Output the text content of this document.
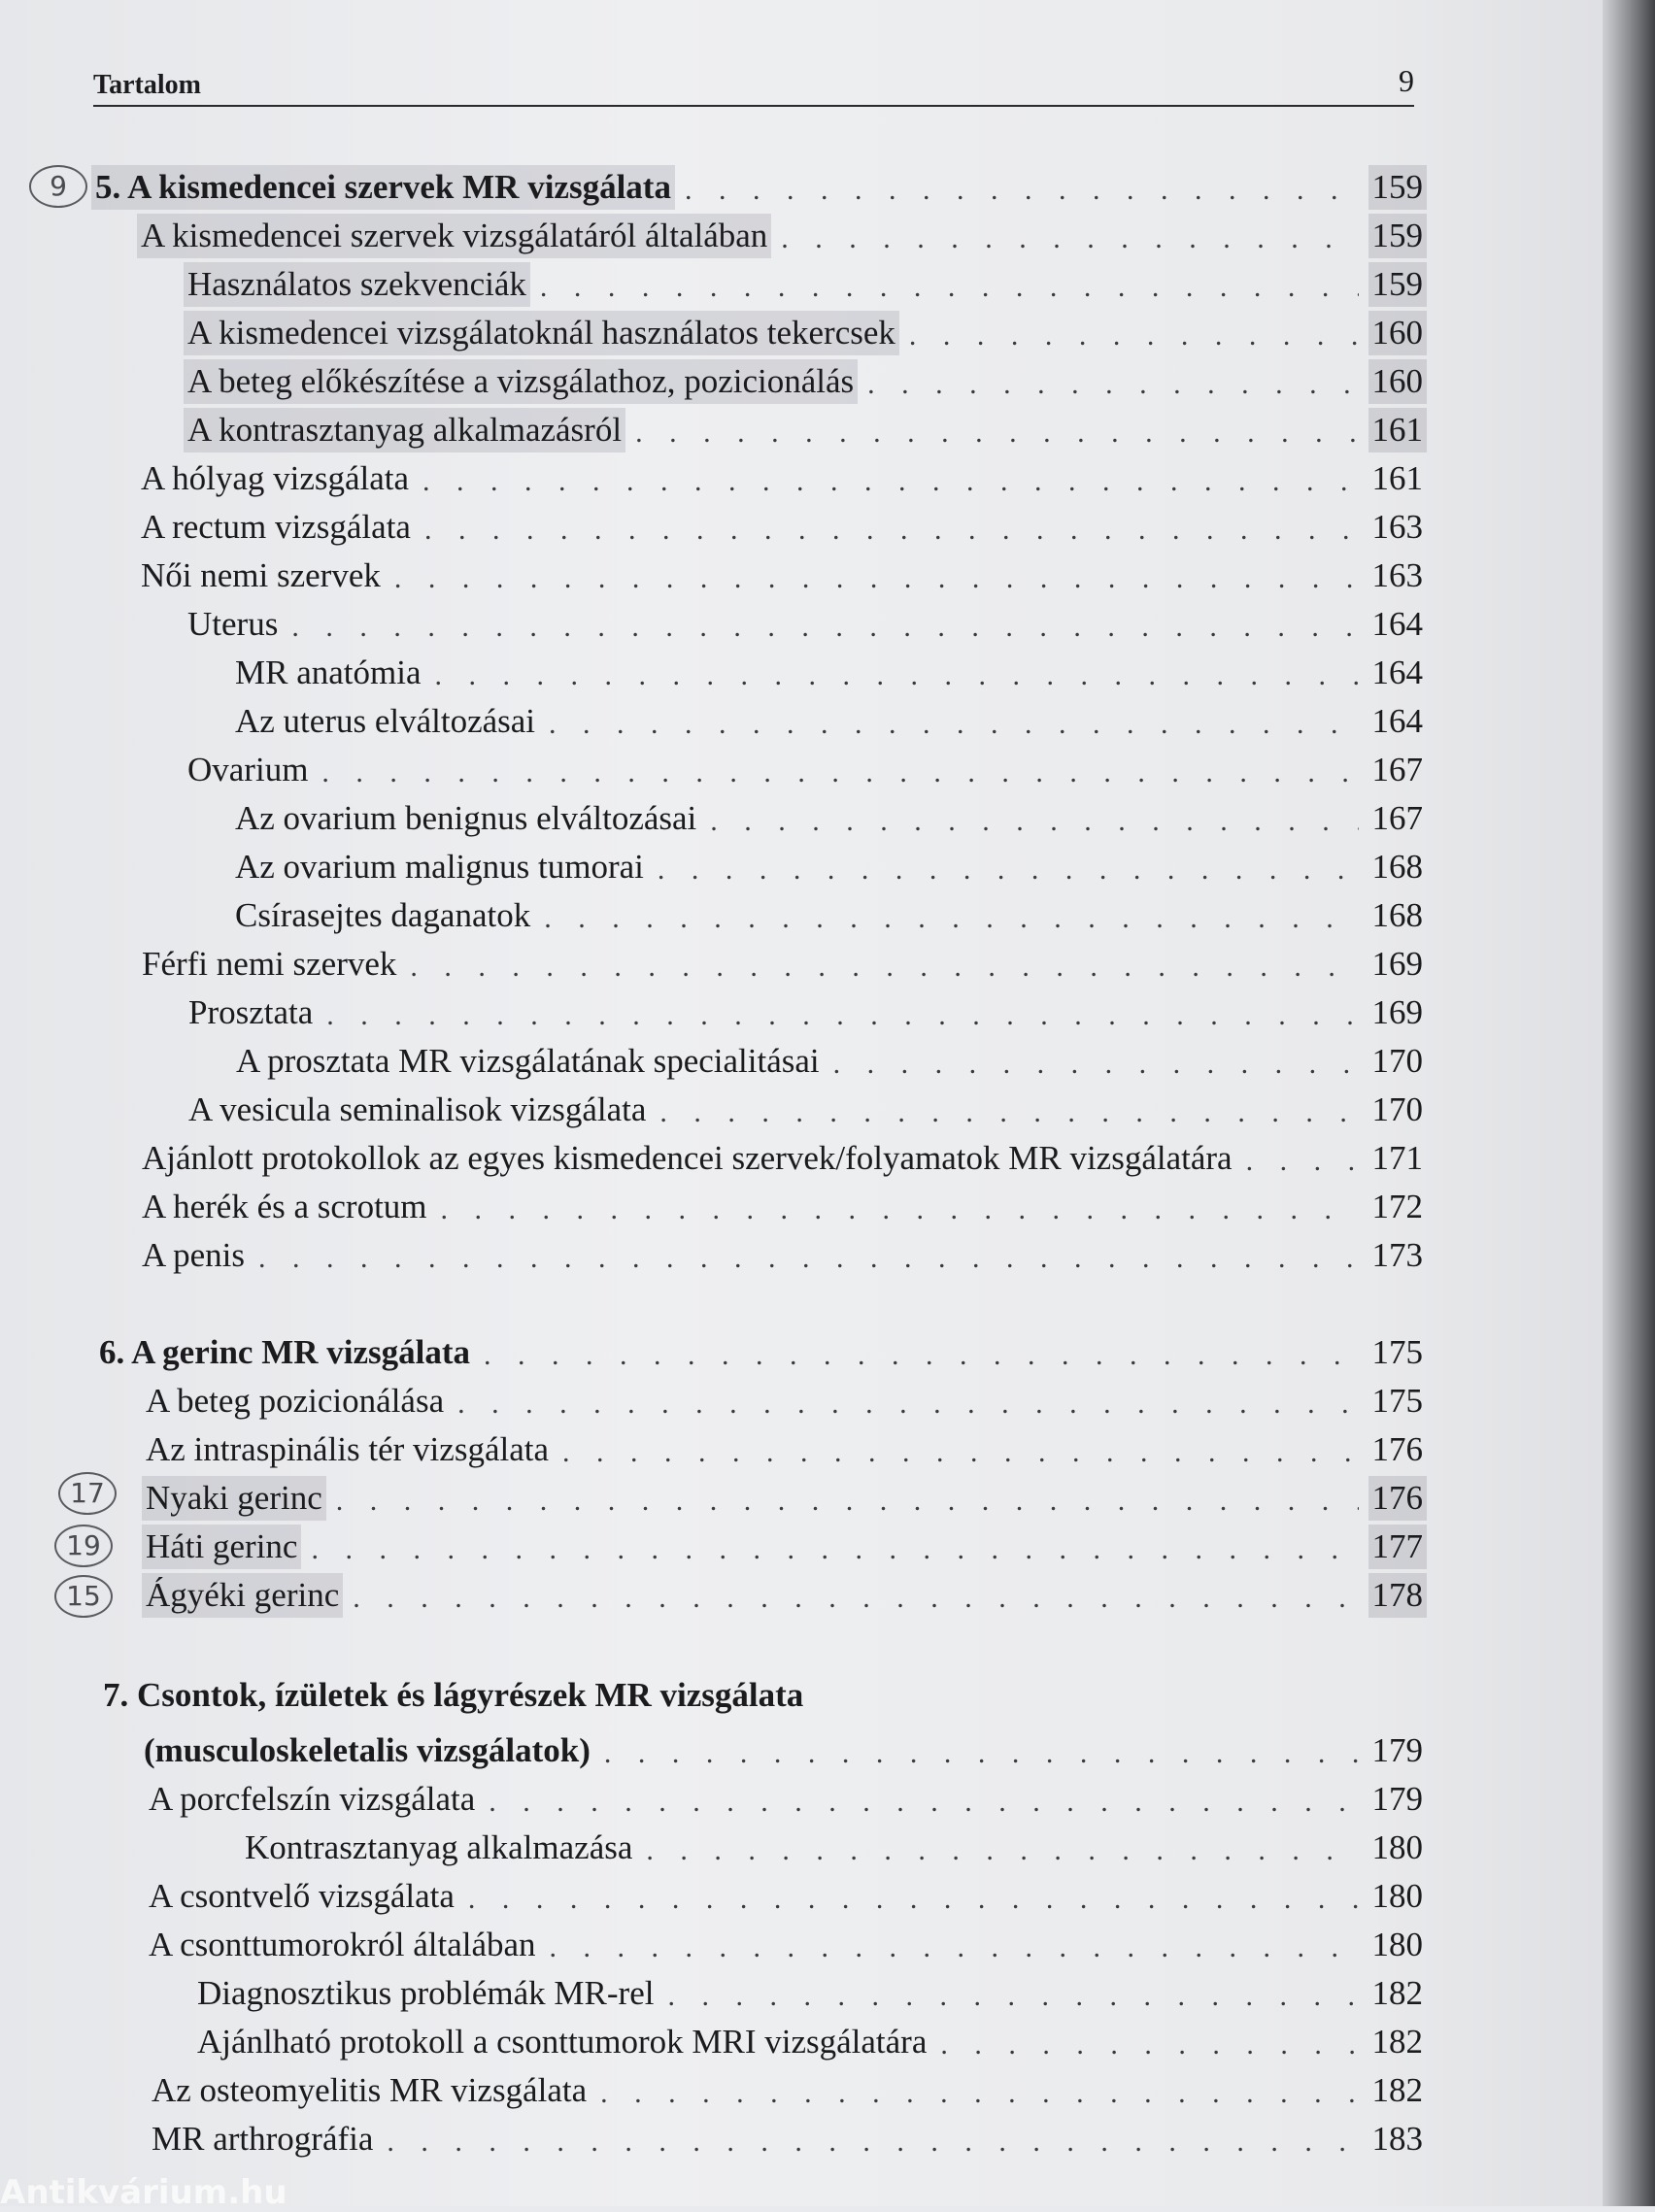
Tartalom	9
5. A kismedencei szervek MR vizsgálata . . .	159
A kismedencei szervek vizsgálatáról általában . . .	159
Használatos szekvenciák . . .	159
A kismedencei vizsgálatoknál használatos tekercsek . . .	160
A beteg előkészítése a vizsgálathoz, pozicionálás . . .	160
A kontrasztanyag alkalmazásról . . .	161
A hólyag vizsgálata . . .	161
A rectum vizsgálata . . .	163
Női nemi szervek . . .	163
Uterus . . .	164
MR anatómia . . .	164
Az uterus elváltozásai . . .	164
Ovarium . . .	167
Az ovarium benignus elváltozásai . . .	167
Az ovarium malignus tumorai . . .	168
Csírasejtes daganatok . . .	168
Férfi nemi szervek . . .	169
Prosztata . . .	169
A prosztata MR vizsgálatának specialitásai . . .	170
A vesicula seminalisok vizsgálata . . .	170
Ajánlott protokollok az egyes kismedencei szervek/folyamatok MR vizsgálatára . . .	171
A herék és a scrotum . . .	172
A penis . . .	173
6. A gerinc MR vizsgálata . . .	175
A beteg pozicionálása . . .	175
Az intraspinális tér vizsgálata . . .	176
Nyaki gerinc . . .	176
Háti gerinc . . .	177
Ágyéki gerinc . . .	178
7. Csontok, ízületek és lágyrészek MR vizsgálata
(musculoskeletalis vizsgálatok) . . .	179
A porcfelszín vizsgálata . . .	179
Kontrasztanyag alkalmazása . . .	180
A csontvelő vizsgálata . . .	180
A csonttumorokról általában . . .	180
Diagnosztikus problémák MR-rel . . .	182
Ajánlható protokoll a csonttumorok MRI vizsgálatára . . .	182
Az osteomyelitis MR vizsgálata . . .	182
MR arthrográfia . . .	183
9
17
19
15
Antikvárium.hu
